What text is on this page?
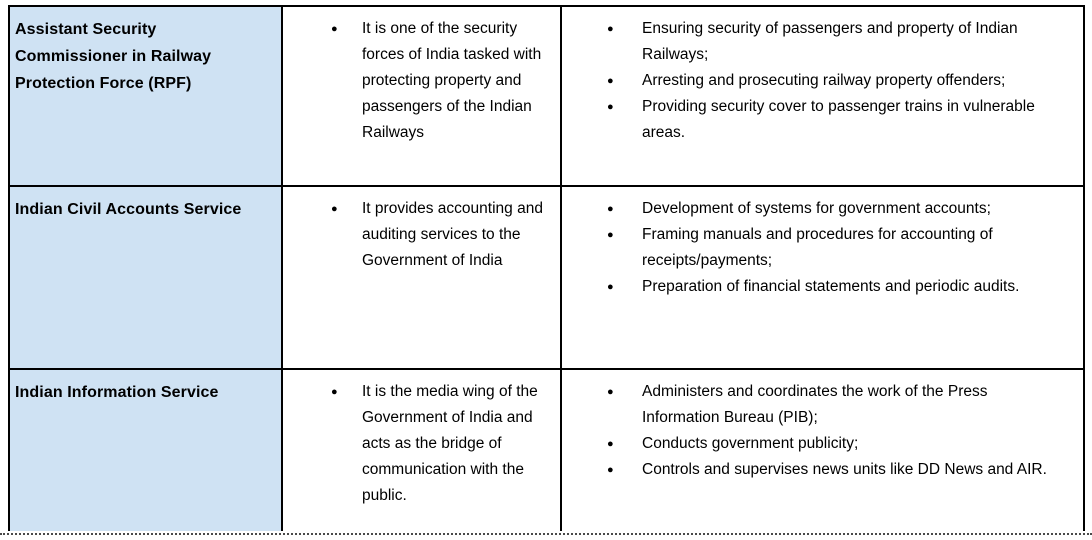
Assistant Security Commissioner in Railway Protection Force (RPF)
● It is one of the security forces of India tasked with protecting property and passengers of the Indian Railways
● Ensuring security of passengers and property of Indian Railways;
● Arresting and prosecuting railway property offenders;
● Providing security cover to passenger trains in vulnerable areas.
Indian Civil Accounts Service	● It provides accounting and auditing services to the Government of India
● Development of systems for government accounts;
● Framing manuals and procedures for accounting of receipts/payments;
● Preparation of financial statements and periodic audits.
Indian Information Service	● It is the media wing of the Government of India and acts as the bridge of communication with the public.
● Administers and coordinates the work of the Press Information Bureau (PIB);
● Conducts government publicity;
● Controls and supervises news units like DD News and AIR.
